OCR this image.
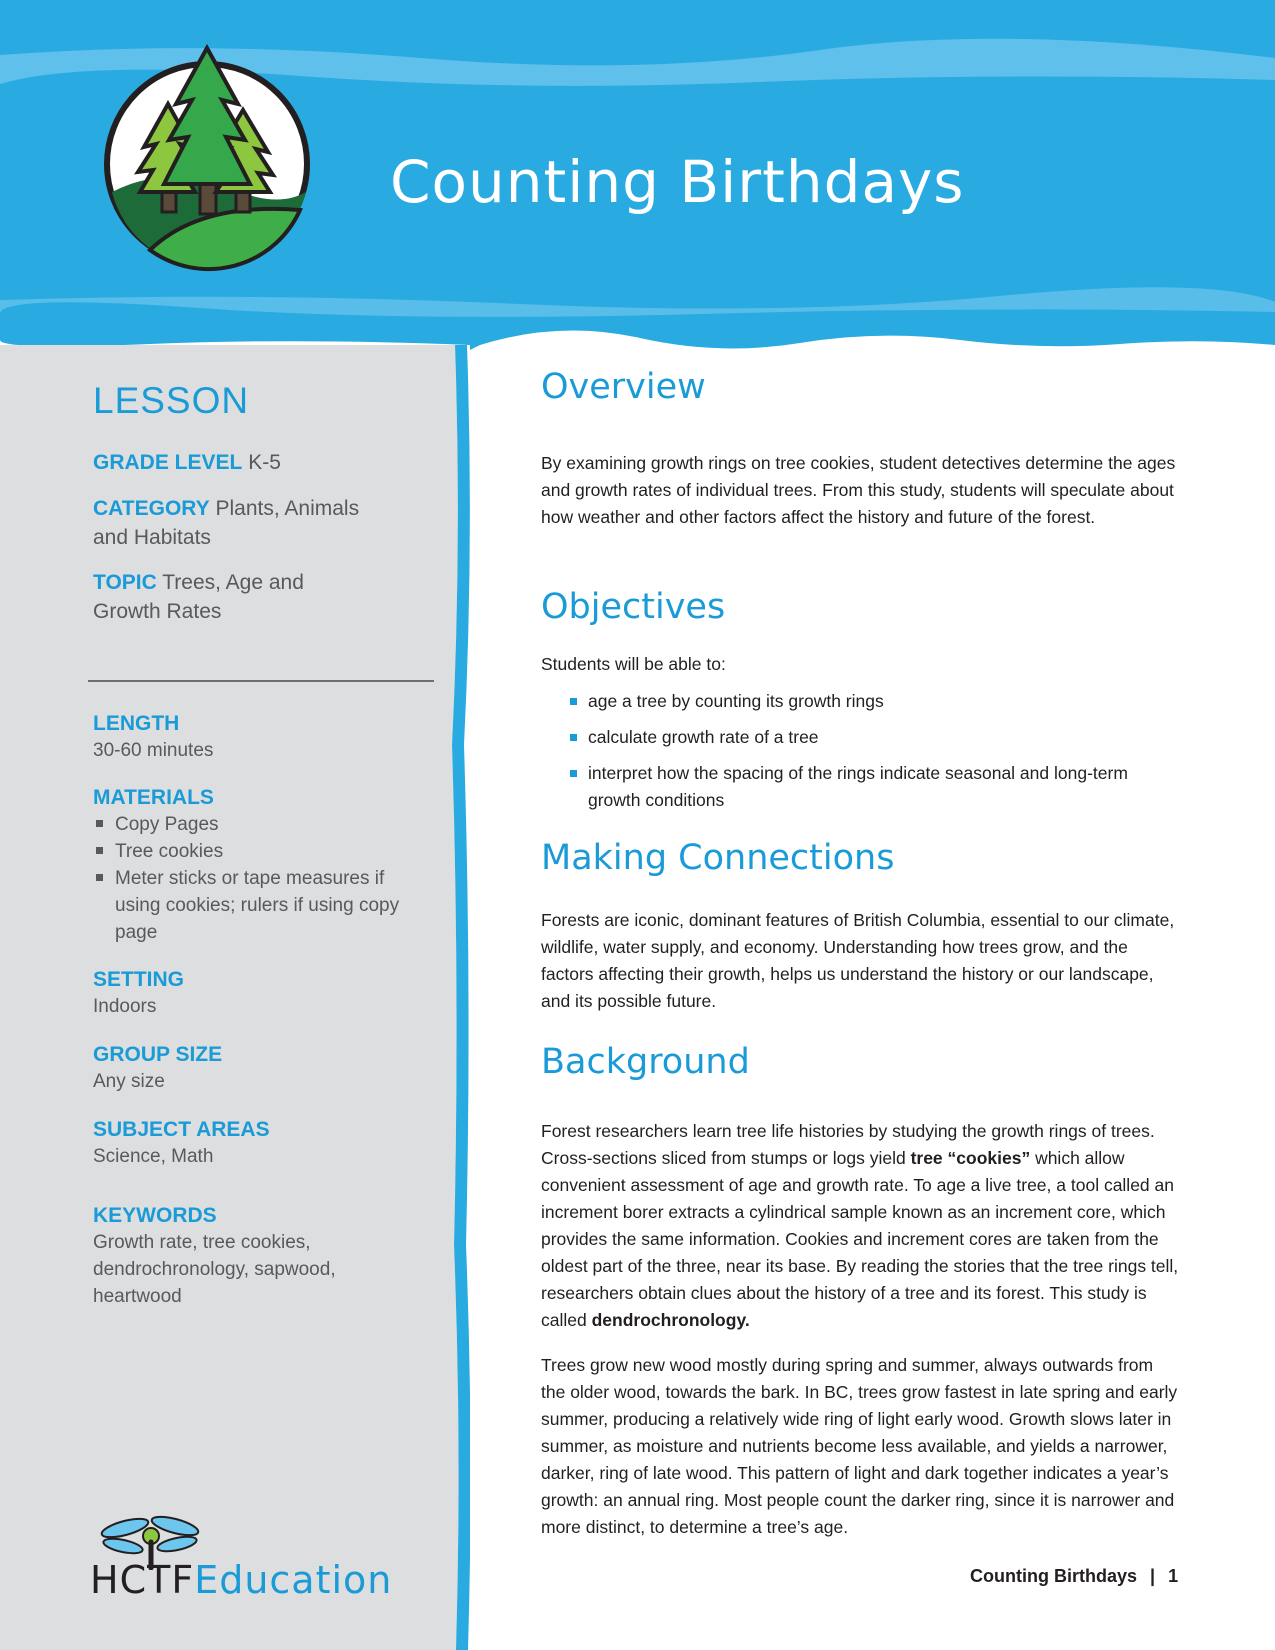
Counting Birthdays
LESSON
GRADE LEVEL K-5
CATEGORY Plants, Animals
and Habitats
TOPIC Trees, Age and
Growth Rates
LENGTH
30-60 minutes
MATERIALS
Copy Pages
Tree cookies
Meter sticks or tape measures if using cookies; rulers if using copy page
SETTING
Indoors
GROUP SIZE
Any size
SUBJECT AREAS
Science, Math
KEYWORDS
Growth rate, tree cookies, dendrochronology, sapwood, heartwood
HCTFEducation
Overview

By examining growth rings on tree cookies, student detectives determine the ages and growth rates of individual trees. From this study, students will speculate about how weather and other factors affect the history and future of the forest.

Objectives

Students will be able to:

age a tree by counting its growth rings
calculate growth rate of a tree
interpret how the spacing of the rings indicate seasonal and long-term growth conditions
Making Connections

Forests are iconic, dominant features of British Columbia, essential to our climate, wildlife, water supply, and economy. Understanding how trees grow, and the factors affecting their growth, helps us understand the history or our landscape, and its possible future.

Background

Forest researchers learn tree life histories by studying the growth rings of trees. Cross-sections sliced from stumps or logs yield tree “cookies” which allow convenient assessment of age and growth rate. To age a live tree, a tool called an increment borer extracts a cylindrical sample known as an increment core, which provides the same information. Cookies and increment cores are taken from the oldest part of the three, near its base. By reading the stories that the tree rings tell, researchers obtain clues about the history of a tree and its forest. This study is called dendrochronology.

Trees grow new wood mostly during spring and summer, always outwards from the older wood, towards the bark. In BC, trees grow fastest in late spring and early summer, producing a relatively wide ring of light early wood. Growth slows later in summer, as moisture and nutrients become less available, and yields a narrower, darker, ring of late wood. This pattern of light and dark together indicates a year’s growth: an annual ring. Most people count the darker ring, since it is narrower and more distinct, to determine a tree’s age.

Counting Birthdays | 1
